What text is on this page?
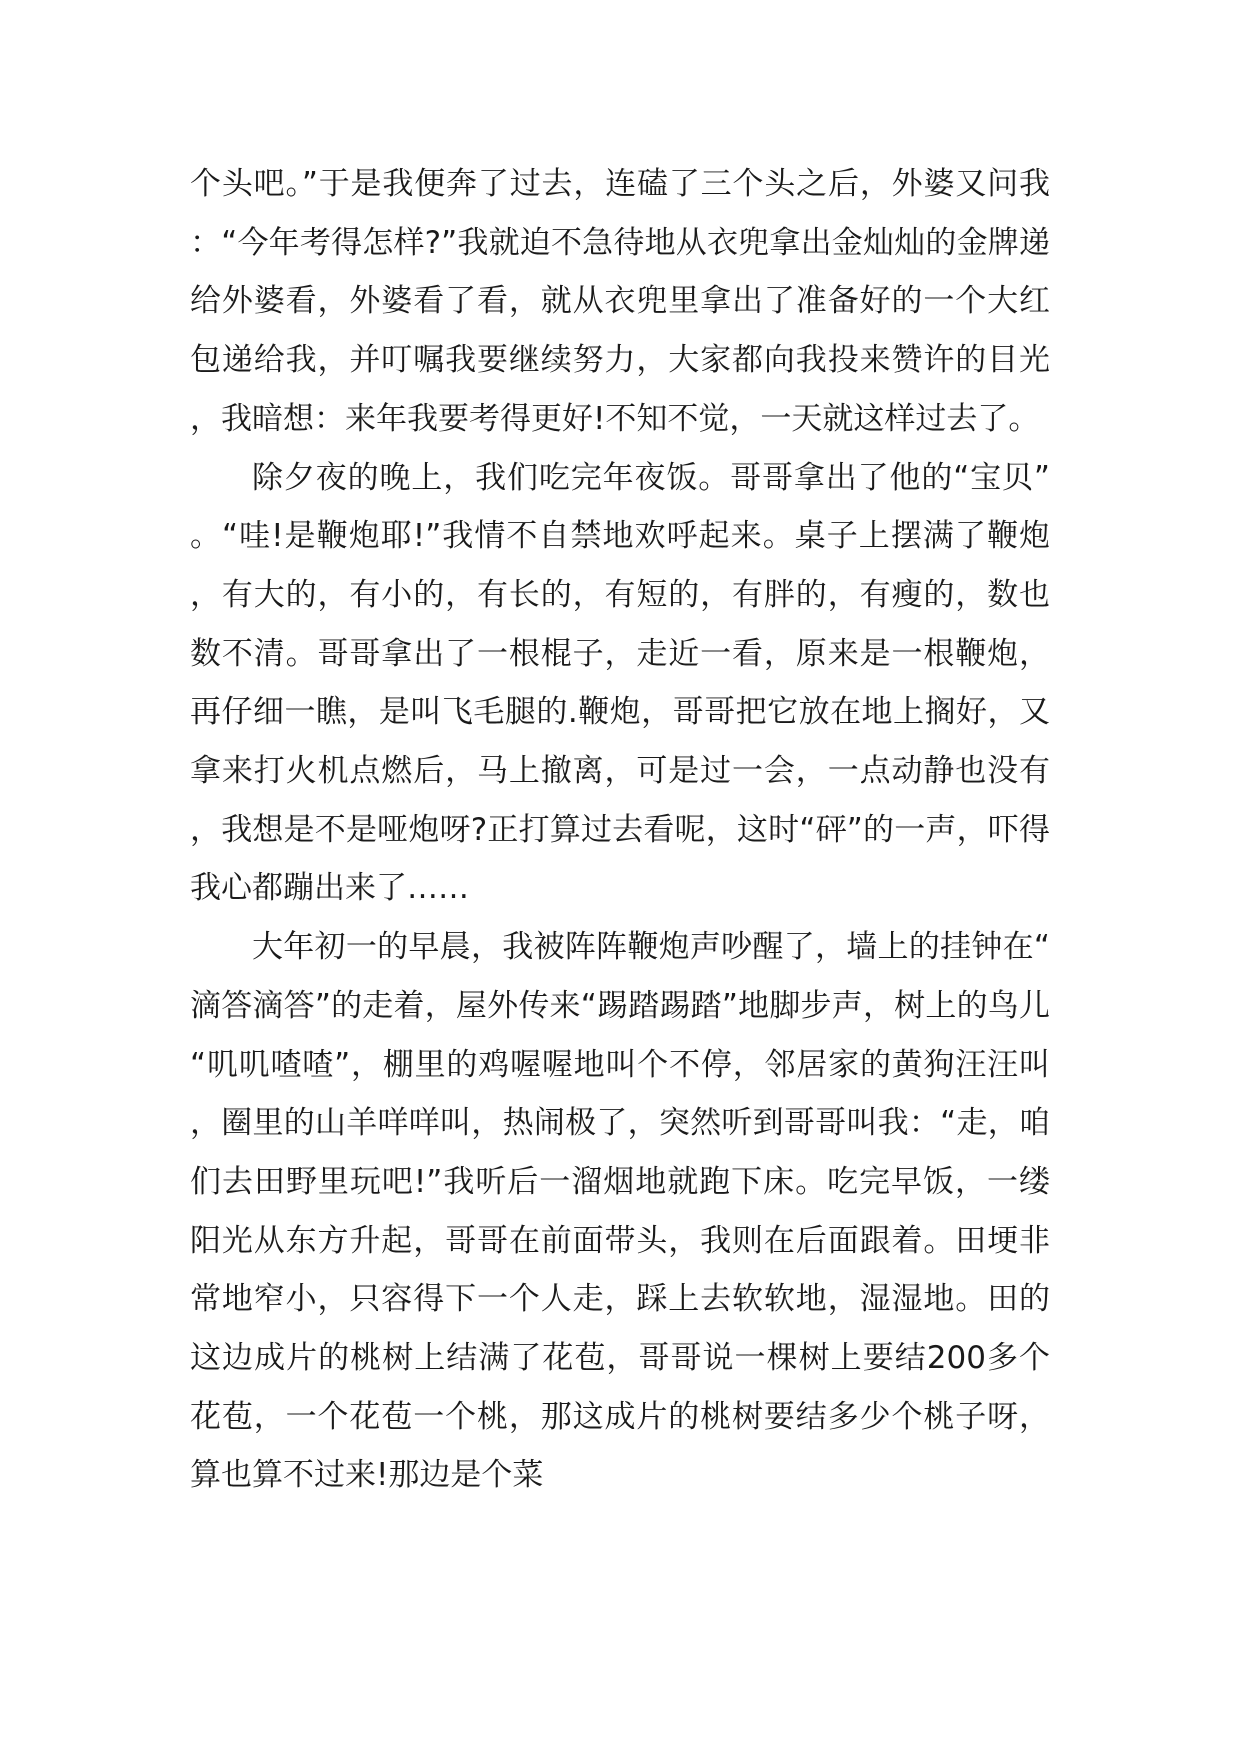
个头吧。”于是我便奔了过去，连磕了三个头之后，外婆又问我：“今年考得怎样?”我就迫不急待地从衣兜拿出金灿灿的金牌递给外婆看，外婆看了看，就从衣兜里拿出了准备好的一个大红包递给我，并叮嘱我要继续努力，大家都向我投来赞许的目光，我暗想：来年我要考得更好!不知不觉，一天就这样过去了。

除夕夜的晚上，我们吃完年夜饭。哥哥拿出了他的“宝贝”。“哇!是鞭炮耶!”我情不自禁地欢呼起来。桌子上摆满了鞭炮，有大的，有小的，有长的，有短的，有胖的，有瘦的，数也数不清。哥哥拿出了一根棍子，走近一看，原来是一根鞭炮，再仔细一瞧，是叫飞毛腿的.鞭炮，哥哥把它放在地上搁好，又拿来打火机点燃后，马上撤离，可是过一会，一点动静也没有，我想是不是哑炮呀?正打算过去看呢，这时“砰”的一声，吓得我心都蹦出来了……

大年初一的早晨，我被阵阵鞭炮声吵醒了，墙上的挂钟在“滴答滴答”的走着，屋外传来“踢踏踢踏”地脚步声，树上的鸟儿“叽叽喳喳”，棚里的鸡喔喔地叫个不停，邻居家的黄狗汪汪叫，圈里的山羊咩咩叫，热闹极了，突然听到哥哥叫我：“走，咱们去田野里玩吧!”我听后一溜烟地就跑下床。吃完早饭，一缕阳光从东方升起，哥哥在前面带头，我则在后面跟着。田埂非常地窄小，只容得下一个人走，踩上去软软地，湿湿地。田的这边成片的桃树上结满了花苞，哥哥说一棵树上要结200多个花苞，一个花苞一个桃，那这成片的桃树要结多少个桃子呀，算也算不过来!那边是个菜
